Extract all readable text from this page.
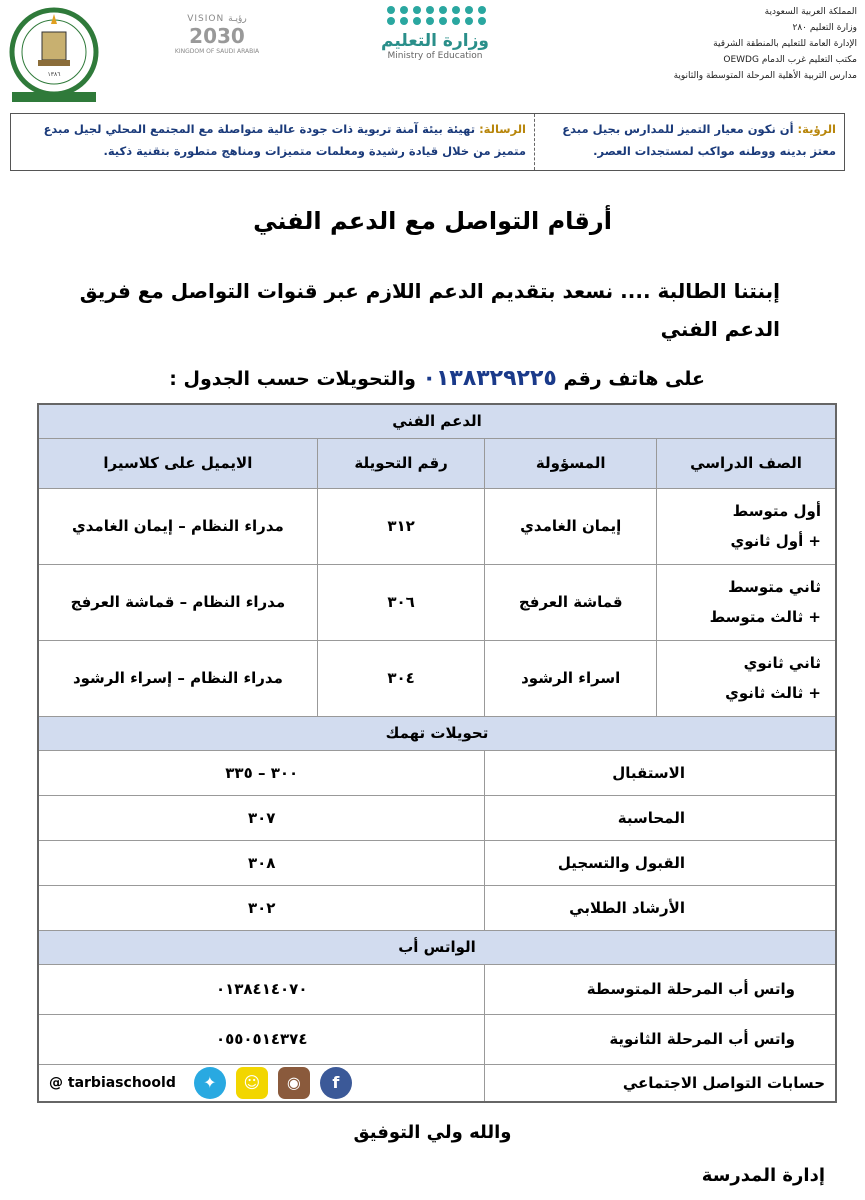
المملكة العربية السعودية
وزارة التعليم ٢٨٠
الإدارة العامة للتعليم بالمنطقة الشرقية
مكتب التعليم غرب الدمام OEWDG
مدارس التربية الأهلية المرحلة المتوسطة والثانوية
وزارة التعليم
Ministry of Education
VISION رؤيـة
2030
KINGDOM OF SAUDI ARABIA
١٣٨٦
الرؤية: أن نكون معيار التميز للمدارس بجيل مبدع معتز بدينه ووطنه مواكب لمستجدات العصر.
الرسالة: تهيئة بيئة آمنة تربوية ذات جودة عالية متواصلة مع المجتمع المحلي لجيل مبدع متميز من خلال قيادة رشيدة ومعلمات متميزات ومناهج متطورة بتقنية ذكية.
أرقام التواصل مع الدعم الفني
إبنتنا الطالبة .... نسعد بتقديم الدعم اللازم عبر قنوات التواصل مع فريق الدعم الفني
على هاتف رقم ٠١٣٨٣٢٩٢٢٥ والتحويلات حسب الجدول :
الدعم الفني			
الصف الدراسي	المسؤولة	رقم التحويلة	الايميل على كلاسيرا

أول متوسط
+ أول ثانوي	إيمان الغامدي	٣١٢	مدراء النظام – إيمان الغامدي

ثاني متوسط
+ ثالث متوسط	قماشة العرفج	٣٠٦	مدراء النظام – قماشة العرفج

ثاني ثانوي
+ ثالث ثانوي	اسراء الرشود	٣٠٤	مدراء النظام – إسراء الرشود
تحويلات تهمك			
الاستقبال		٣٠٠ – ٣٣٥	
المحاسبة		٣٠٧	
القبول والتسجيل		٣٠٨	
الأرشاد الطلابي		٣٠٢	
الواتس أب			
واتس أب المرحلة المتوسطة		٠١٣٨٤١٤٠٧٠	
واتس أب المرحلة الثانوية		٠٥٥٠٥١٤٣٧٤	
حسابات التواصل الاجتماعي		f
◉
☺
✦
@ tarbiaschoold	
والله ولي التوفيق
إدارة المدرسة
